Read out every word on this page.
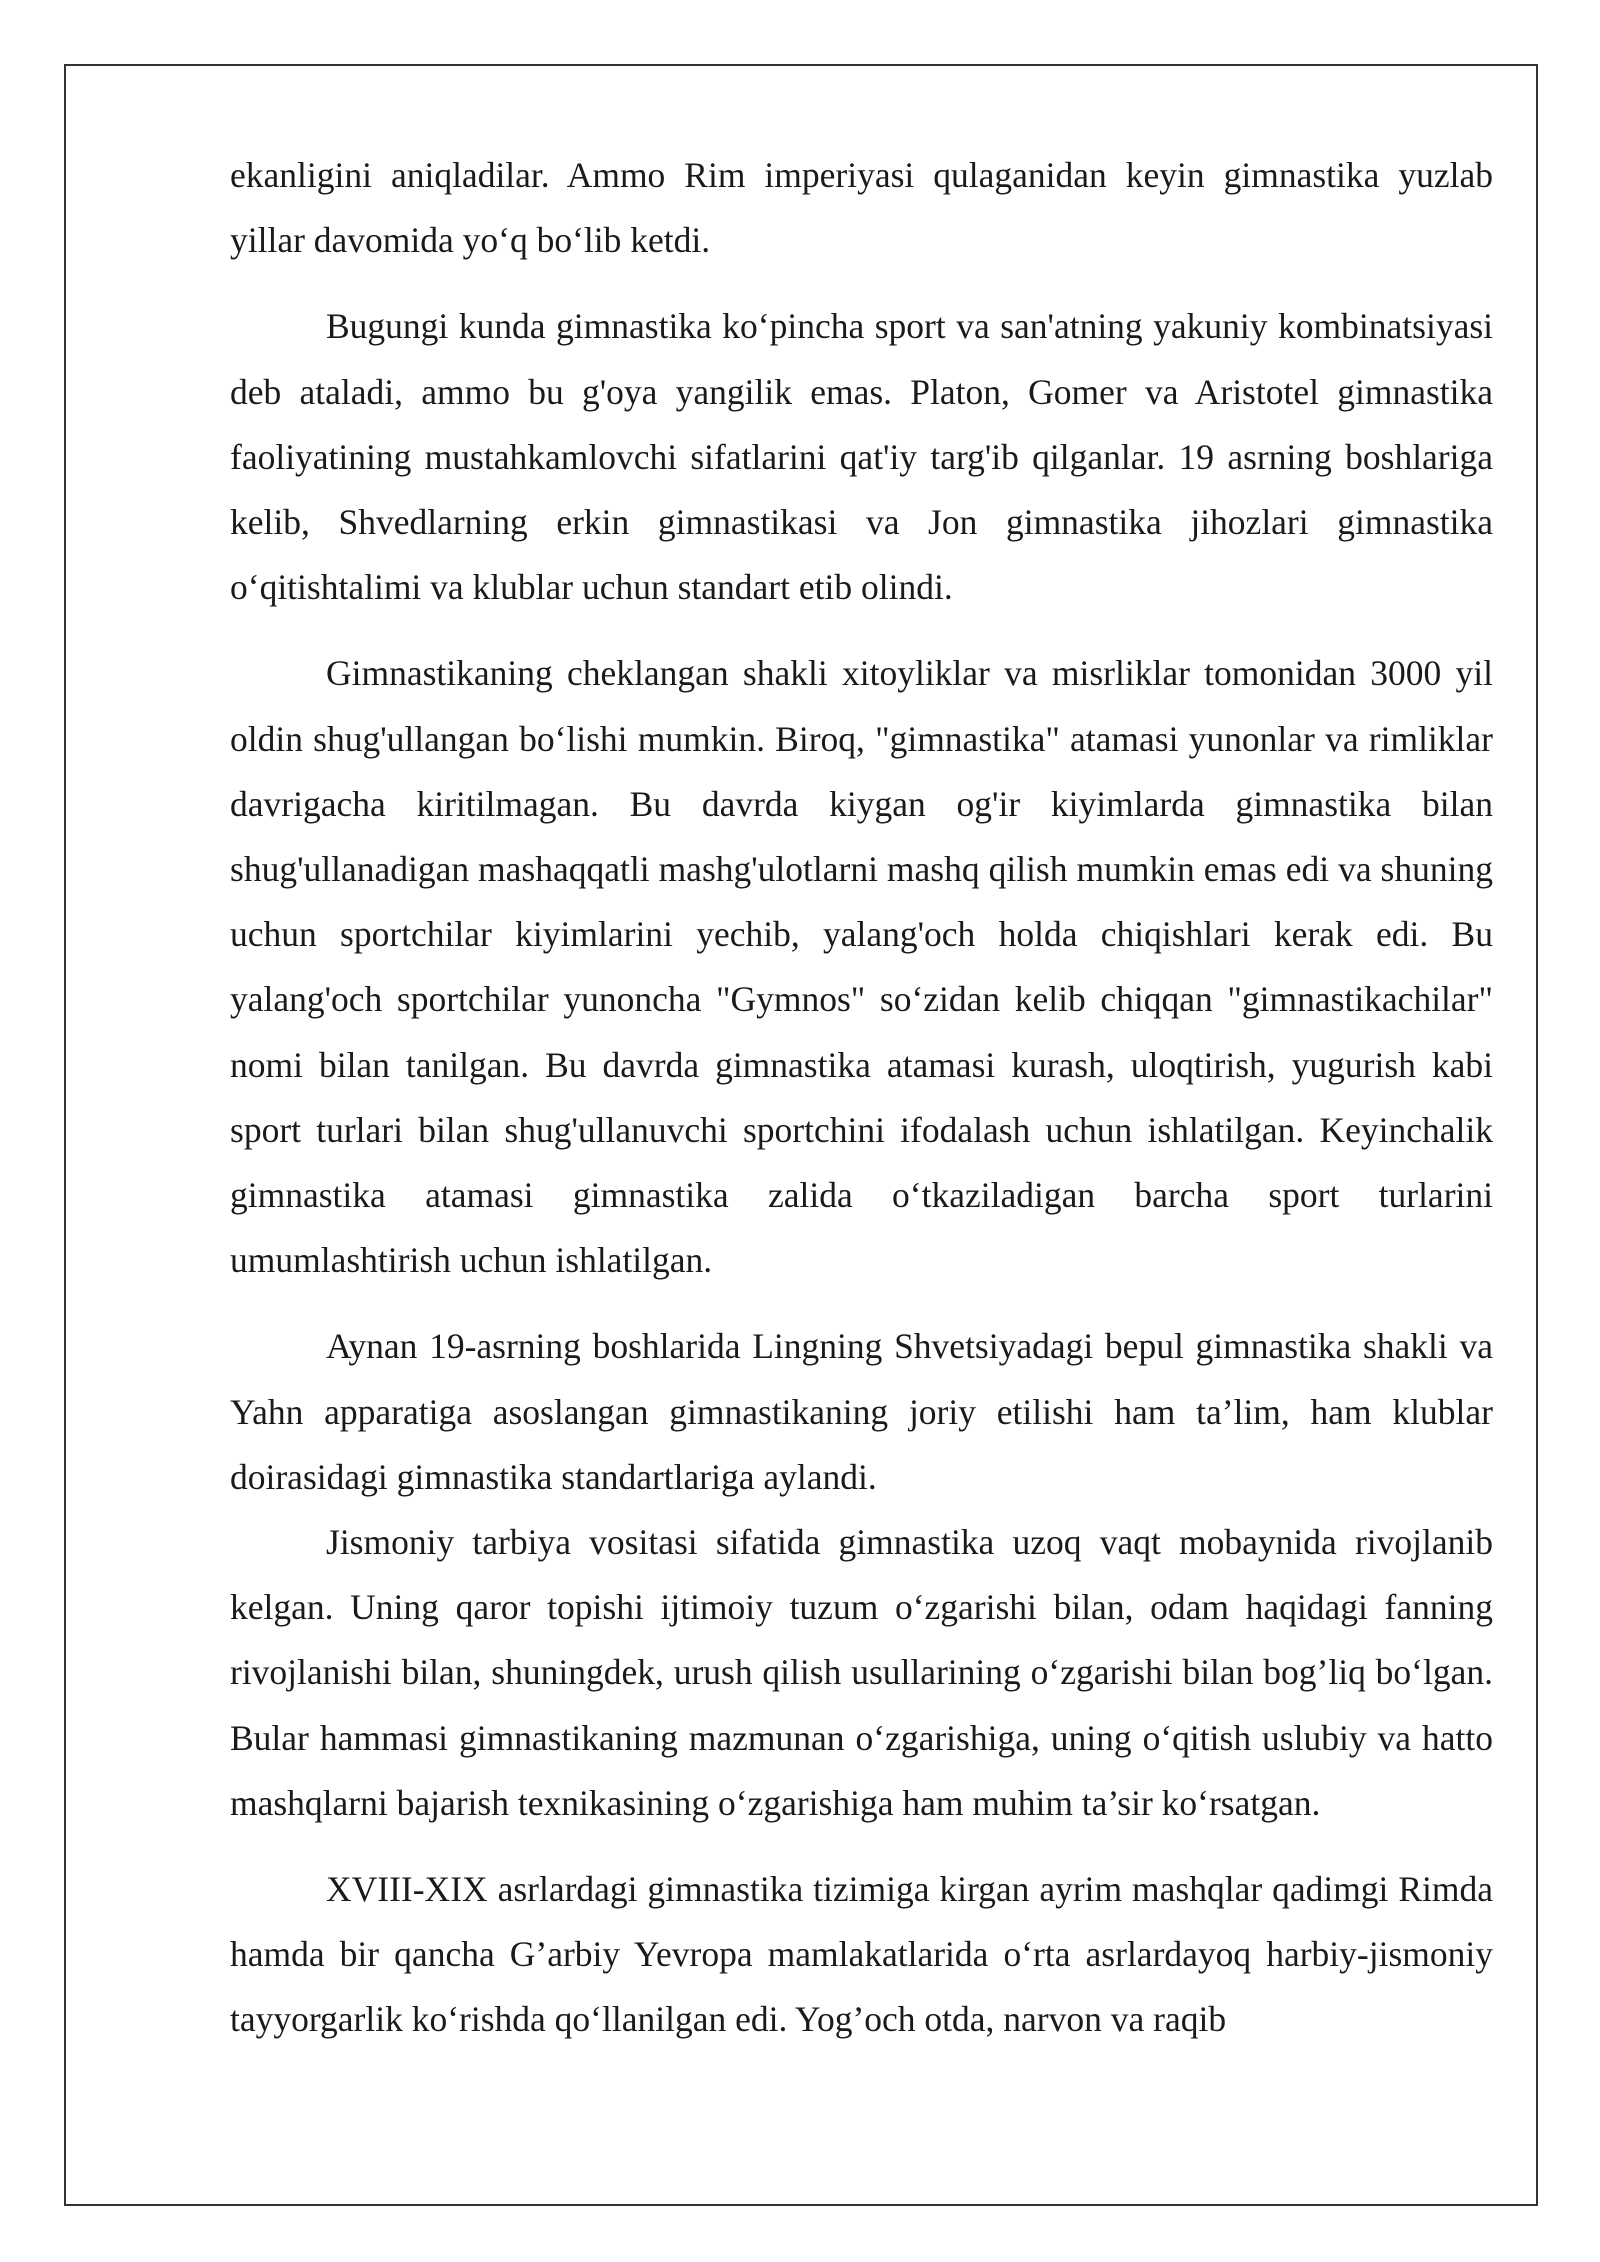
ekanligini aniqladilar. Ammo Rim imperiyasi qulaganidan keyin gimnastika yuzlab yillar davomida yo‘q bo‘lib ketdi.

Bugungi kunda gimnastika ko‘pincha sport va san'atning yakuniy kombinatsiyasi deb ataladi, ammo bu g'oya yangilik emas. Platon, Gomer va Aristotel gimnastika faoliyatining mustahkamlovchi sifatlarini qat'iy targ'ib qilganlar. 19 asrning boshlariga kelib, Shvedlarning erkin gimnastikasi va Jon gimnastika jihozlari gimnastika o‘qitishtalimi va klublar uchun standart etib olindi.

Gimnastikaning cheklangan shakli xitoyliklar va misrliklar tomonidan 3000 yil oldin shug'ullangan bo‘lishi mumkin. Biroq, "gimnastika" atamasi yunonlar va rimliklar davrigacha kiritilmagan. Bu davrda kiygan og'ir kiyimlarda gimnastika bilan shug'ullanadigan mashaqqatli mashg'ulotlarni mashq qilish mumkin emas edi va shuning uchun sportchilar kiyimlarini yechib, yalang'och holda chiqishlari kerak edi. Bu yalang'och sportchilar yunoncha "Gymnos" so‘zidan kelib chiqqan "gimnastikachilar" nomi bilan tanilgan. Bu davrda gimnastika atamasi kurash, uloqtirish, yugurish kabi sport turlari bilan shug'ullanuvchi sportchini ifodalash uchun ishlatilgan. Keyinchalik gimnastika atamasi gimnastika zalida o‘tkaziladigan barcha sport turlarini umumlashtirish uchun ishlatilgan.

Aynan 19-asrning boshlarida Lingning Shvetsiyadagi bepul gimnastika shakli va Yahn apparatiga asoslangan gimnastikaning joriy etilishi ham ta’lim, ham klublar doirasidagi gimnastika standartlariga aylandi.

Jismoniy tarbiya vositasi sifatida gimnastika uzoq vaqt mobaynida rivojlanib kelgan. Uning qaror topishi ijtimoiy tuzum o‘zgarishi bilan, odam haqidagi fanning rivojlanishi bilan, shuningdek, urush qilish usullarining o‘zgarishi bilan bog’liq bo‘lgan. Bular hammasi gimnastikaning mazmunan o‘zgarishiga, uning o‘qitish uslubiy va hatto mashqlarni bajarish texnikasining o‘zgarishiga ham muhim ta’sir ko‘rsatgan.

XVIII-XIX asrlardagi gimnastika tizimiga kirgan ayrim mashqlar qadimgi Rimda hamda bir qancha G’arbiy Yevropa mamlakatlarida o‘rta asrlardayoq harbiy-jismoniy tayyorgarlik ko‘rishda qo‘llanilgan edi. Yog’och otda, narvon va raqib
